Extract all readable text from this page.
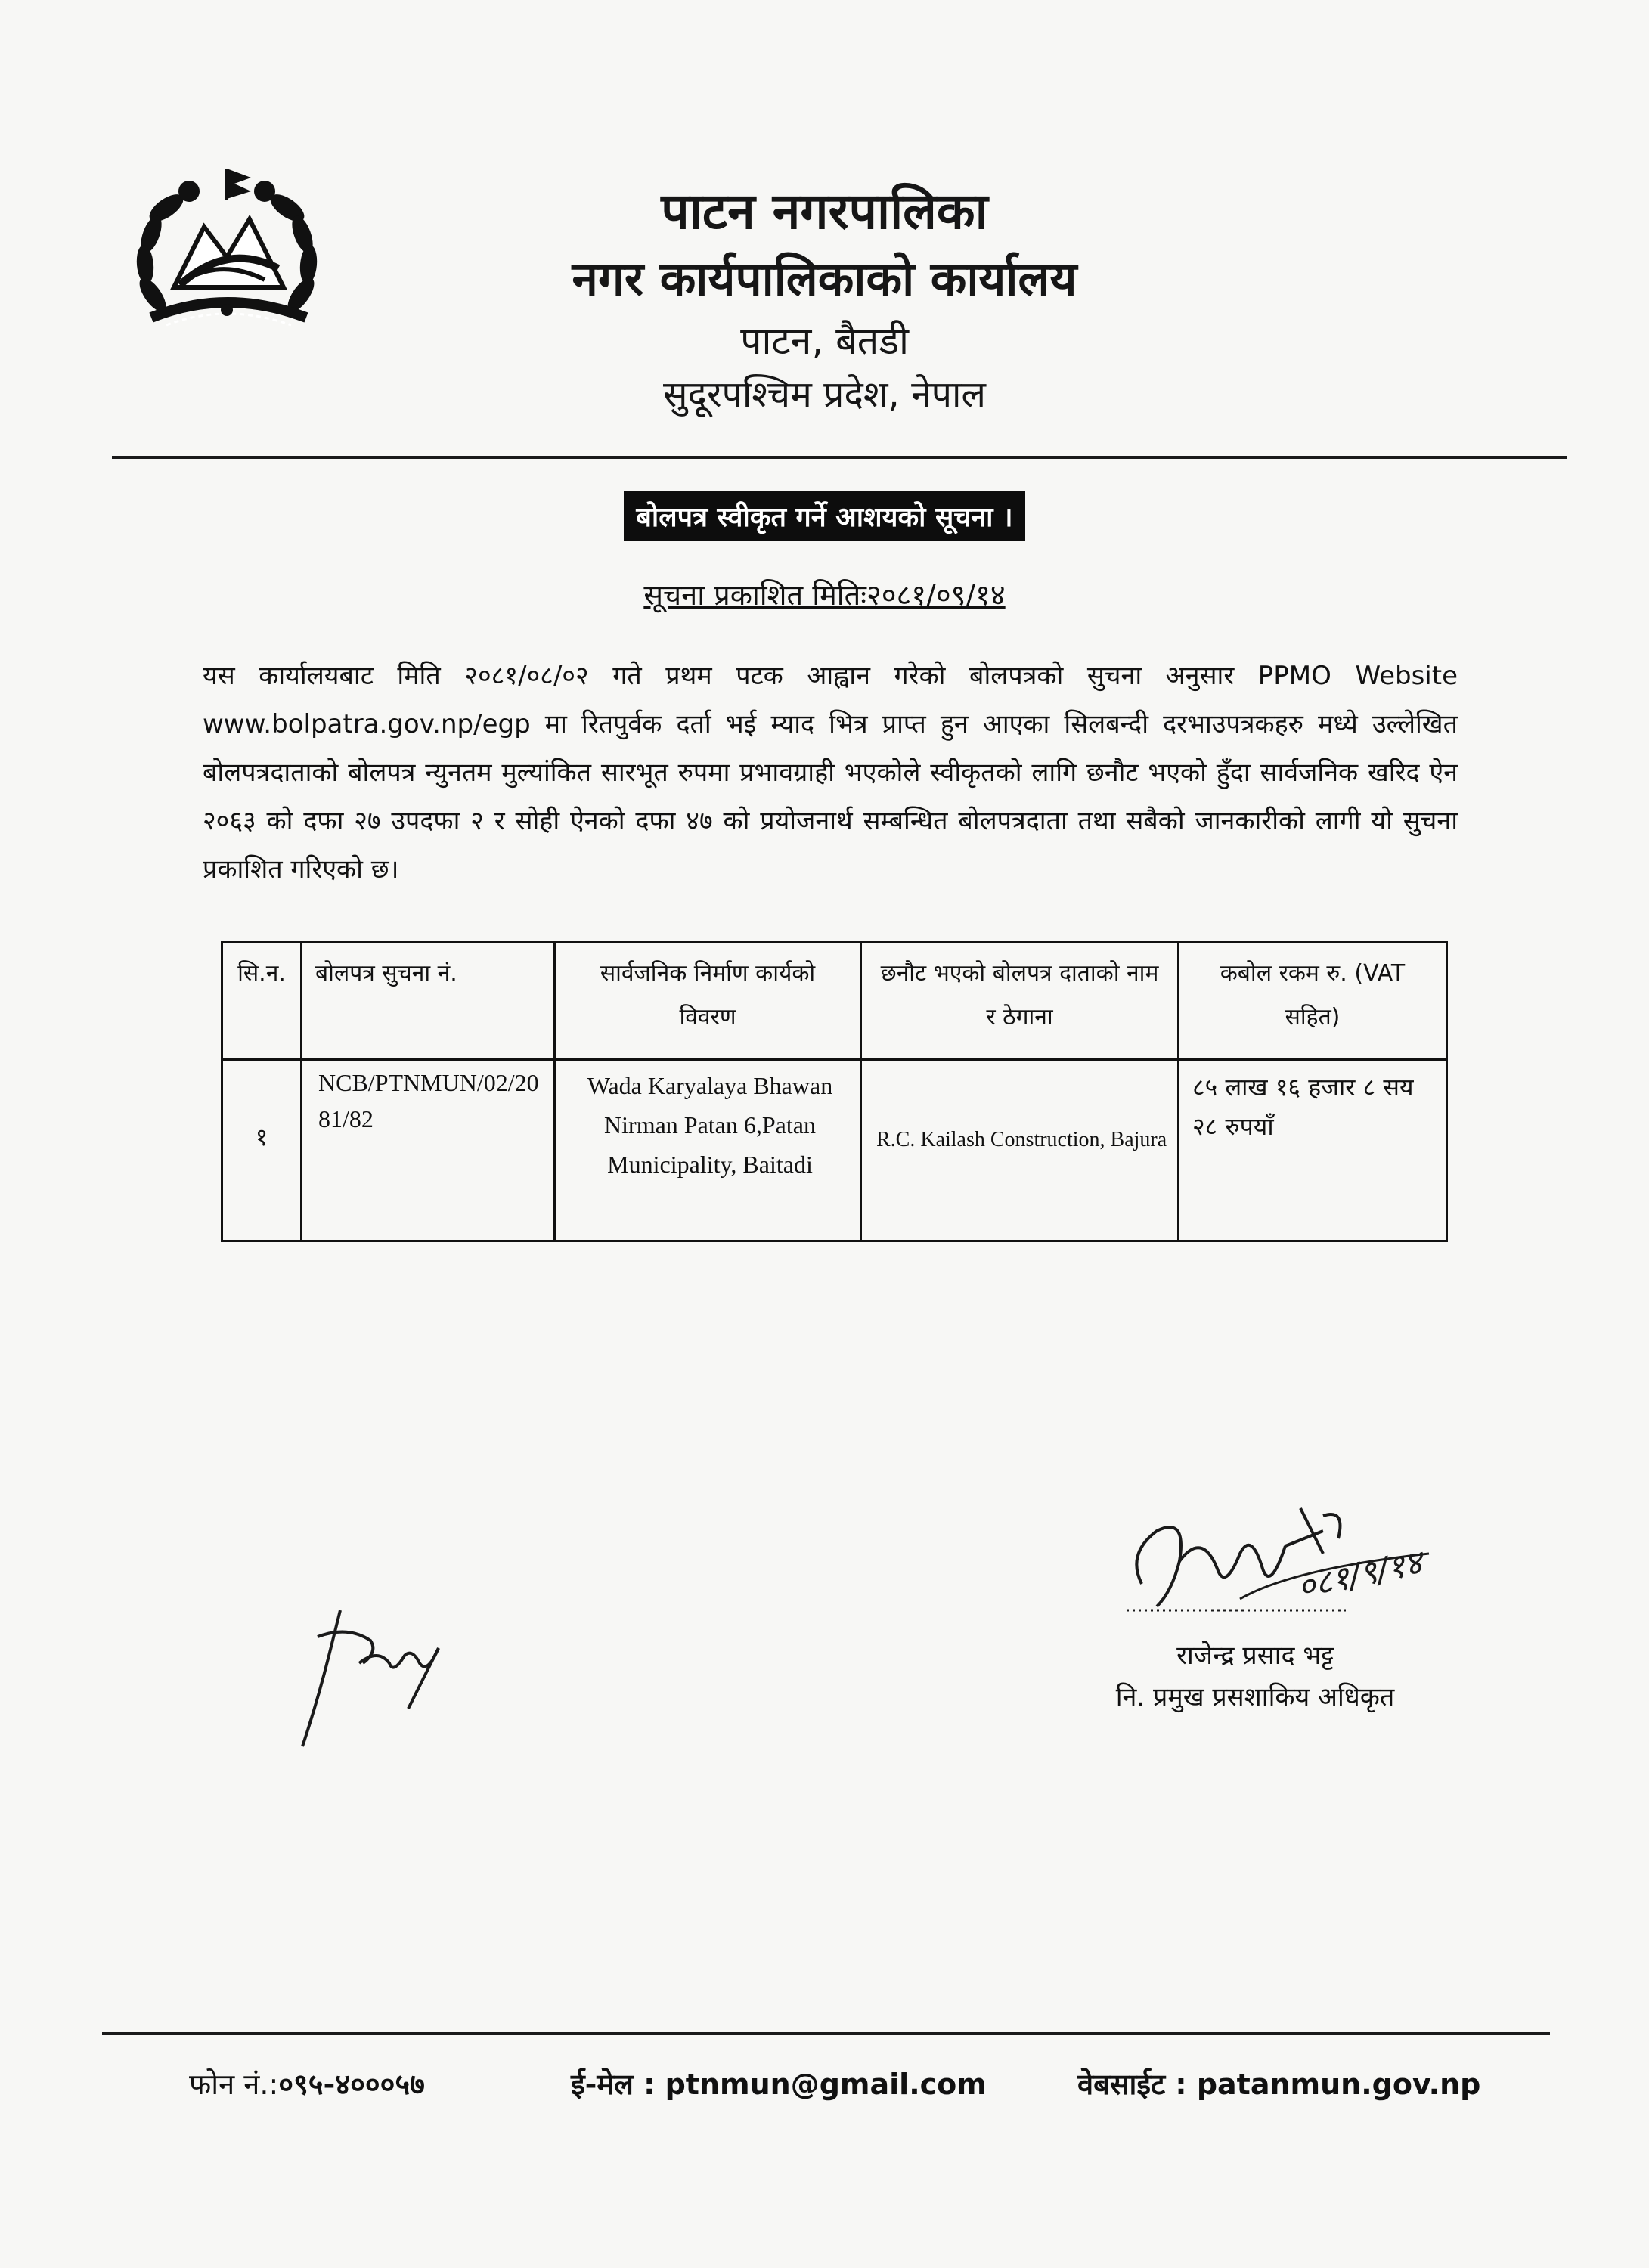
पाटन नगरपालिका
नगर कार्यपालिकाको कार्यालय
पाटन, बैतडी
सुदूरपश्चिम प्रदेश, नेपाल
बोलपत्र स्वीकृत गर्ने आशयको सूचना ।
सूचना प्रकाशित मितिः२०८१/०९/१४
यस कार्यालयबाट मिति २०८१/०८/०२ गते प्रथम पटक आह्वान गरेको बोलपत्रको सुचना अनुसार PPMO Website www.bolpatra.gov.np/egp मा रितपुर्वक दर्ता भई म्याद भित्र प्राप्त हुन आएका सिलबन्दी दरभाउपत्रकहरु मध्ये उल्लेखित बोलपत्रदाताको बोलपत्र न्युनतम मुल्यांकित सारभूत रुपमा प्रभावग्राही भएकोले स्वीकृतको लागि छनौट भएको हुँदा सार्वजनिक खरिद ऐन २०६३ को दफा २७ उपदफा २ र सोही ऐनको दफा ४७ को प्रयोजनार्थ सम्बन्धित बोलपत्रदाता तथा सबैको जानकारीको लागी यो सुचना प्रकाशित गरिएको छ।
सि.न.	बोलपत्र सुचना नं.	सार्वजनिक निर्माण कार्यको विवरण	छनौट भएको बोलपत्र दाताको नाम र ठेगाना	कबोल रकम रु. (VAT सहित)

१	NCB/PTNMUN/02/2081/82	Wada Karyalaya Bhawan Nirman Patan 6,Patan Municipality, Baitadi	R.C. Kailash Construction, Bajura	८५ लाख १६ हजार ८ सय २८ रुपयाँ
०८१/९/१४
राजेन्द्र प्रसाद भट्ट
नि. प्रमुख प्रसशाकिय अधिकृत
फोन नं.:०९५-४०००५७	ई-मेल : ptnmun@gmail.com	वेबसाईट : patanmun.gov.np
